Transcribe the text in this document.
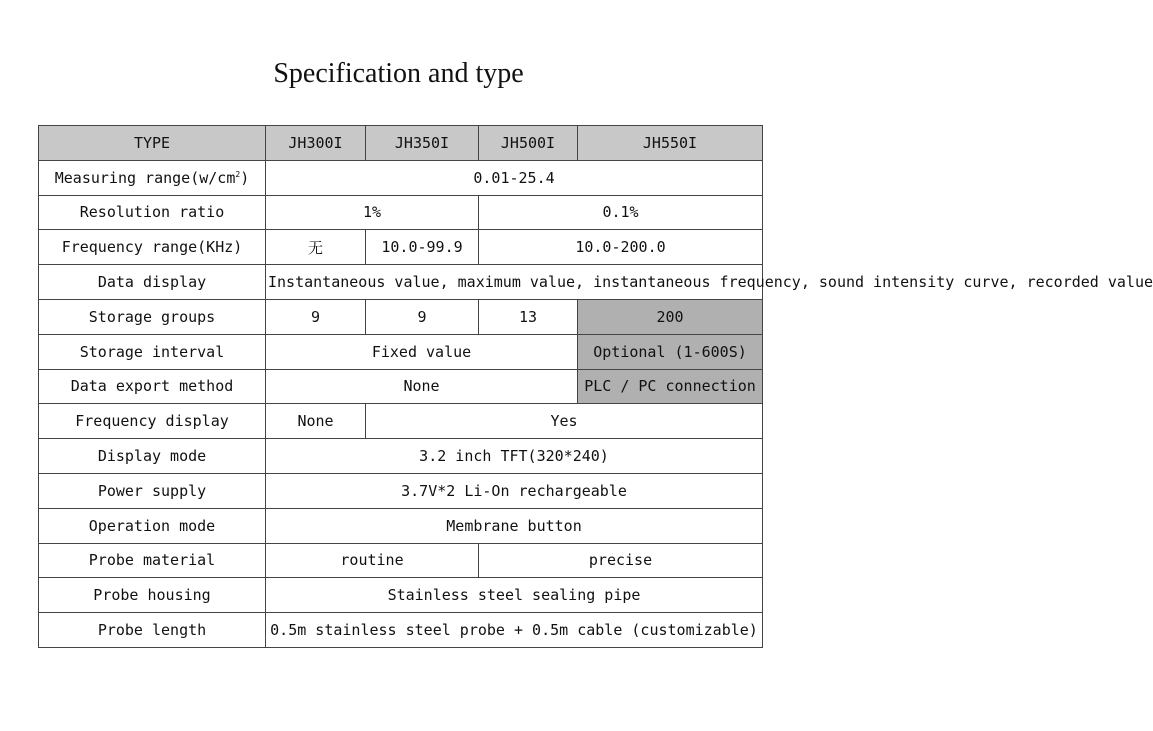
Specification and type
TYPE	JH300I	JH350I	JH500I	JH550I
Measuring $range(w/cm^2)$	0.01-25.4			
Resolution ratio	1%		0.1%	
Frequency range(KHz)	无	10.0-99.9	10.0-200.0	
Data display	Instantaneous value, maximum value, instantaneous frequency, sound intensity curve, recorded value			
Storage groups	9	9	13	200
Storage interval	Fixed value			Optional (1-600S)
Data export method	None			PLC / PC connection
Frequency display	None	Yes		
Display mode	3.2 inch TFT(320*240)			
Power supply	3.7V*2 Li-On rechargeable			
Operation mode	Membrane button			
Probe material	routine		precise	
Probe housing	Stainless steel sealing pipe			
Probe length	0.5m stainless steel probe + 0.5m cable (customizable)			
